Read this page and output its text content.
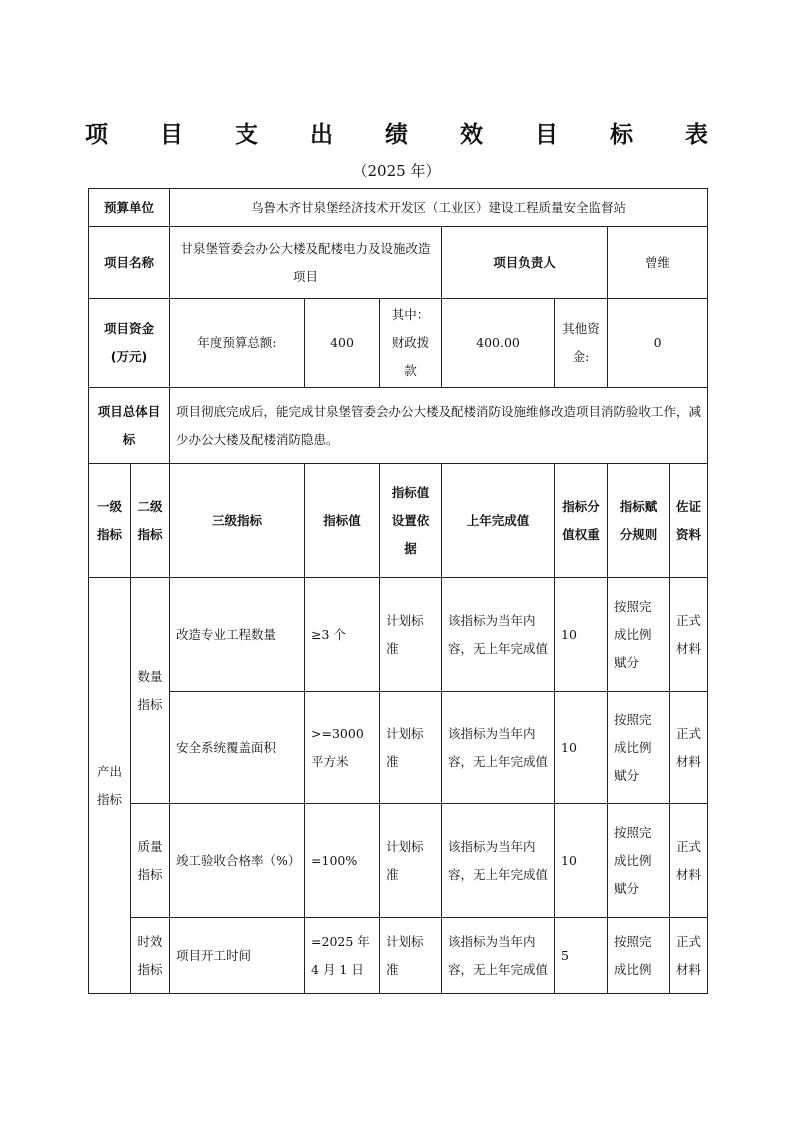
项 目 支 出 绩 效 目 标 表
（2025 年）
预算单位		乌鲁木齐甘泉堡经济技术开发区（工业区）建设工程质量安全监督站						
项目名称		甘泉堡管委会办公大楼及配楼电力及设施改造项目			项目负责人		曾维	
项目资金(万元)		年度预算总额:	400	其中：财政拨款	400.00	其他资金:	0	
项目总体目标		项目彻底完成后，能完成甘泉堡管委会办公大楼及配楼消防设施维修改造项目消防验收工作，减少办公大楼及配楼消防隐患。						
一级指标	二级指标	三级指标	指标值	指标值设置依据	上年完成值	指标分值权重	指标赋分规则	佐证资料
产出指标	数量指标	改造专业工程数量	≥3 个	计划标准	该指标为当年内容，无上年完成值	10	按照完成比例赋分	正式材料
		安全系统覆盖面积	>=3000 平方米	计划标准	该指标为当年内容，无上年完成值	10	按照完成比例赋分	正式材料
	质量指标	竣工验收合格率（%）	=100%	计划标准	该指标为当年内容，无上年完成值	10	按照完成比例赋分	正式材料
	时效指标	项目开工时间	=2025 年 4 月 1 日	计划标准	该指标为当年内容，无上年完成值	5	按照完成比例	正式材料
